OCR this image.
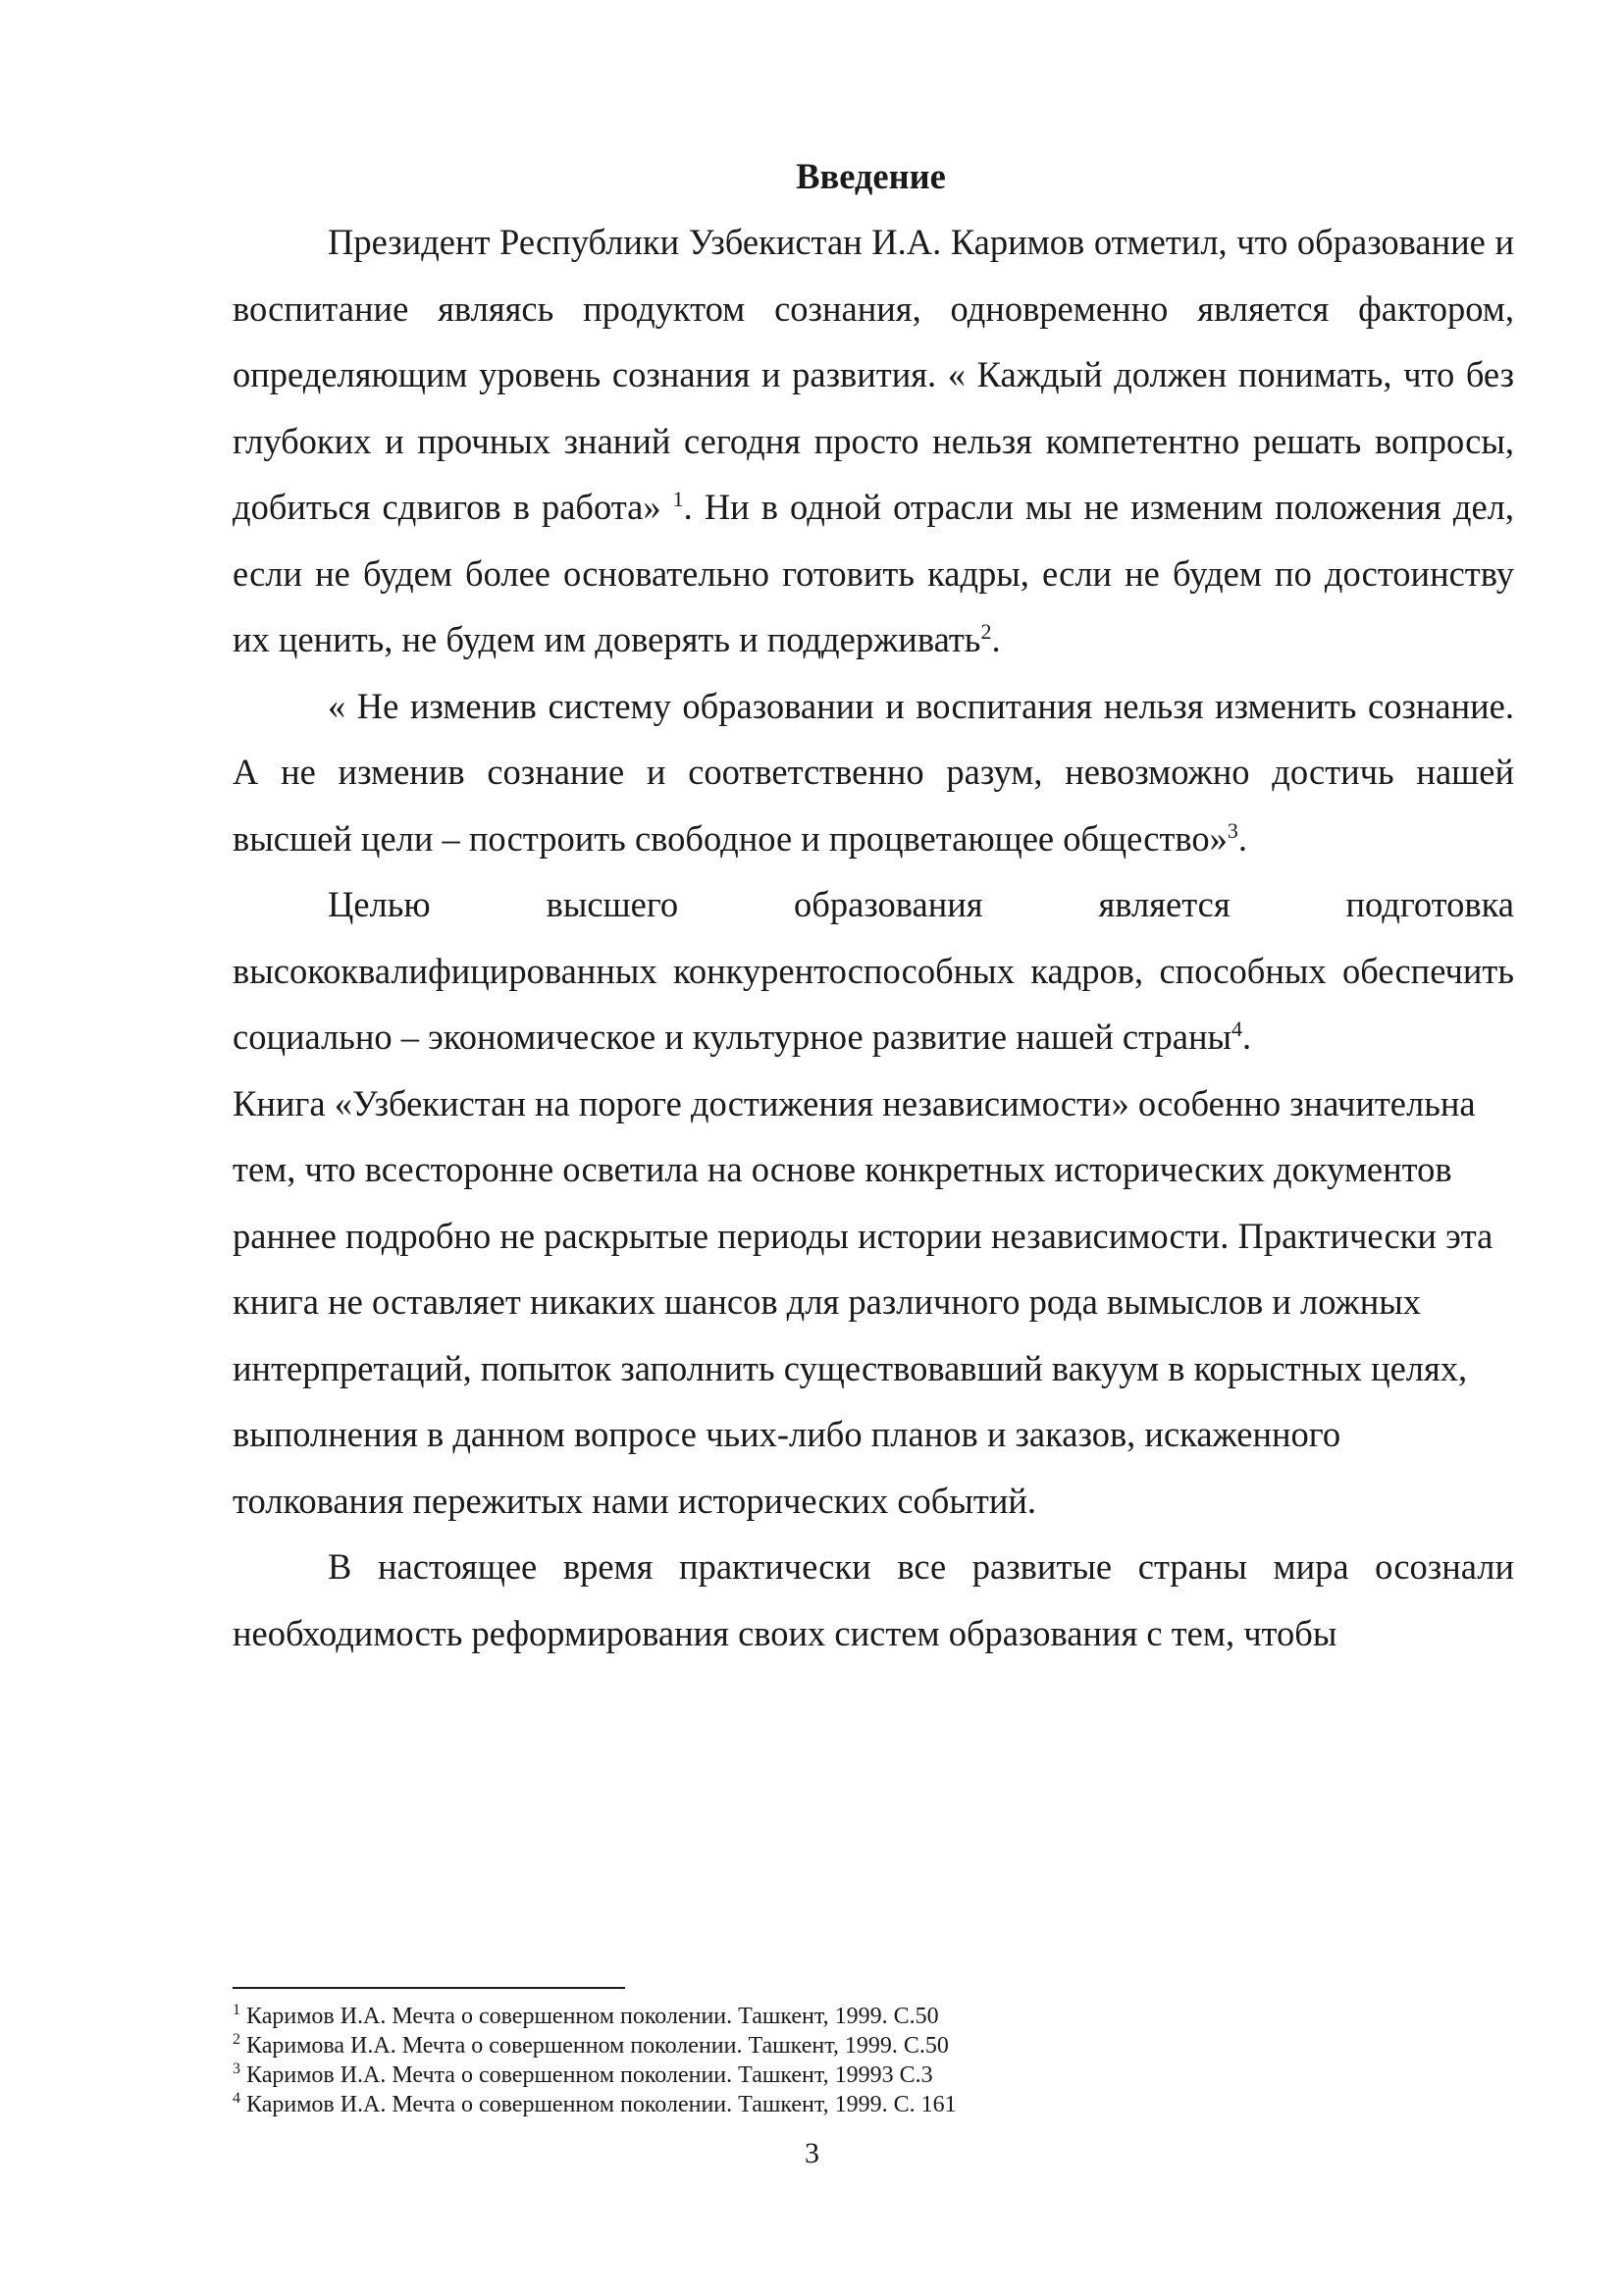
Введение

Президент Республики Узбекистан И.А. Каримов отметил, что образование и воспитание являясь продуктом сознания, одновременно является фактором, определяющим уровень сознания и развития. « Каждый должен понимать, что без глубоких и прочных знаний сегодня просто нельзя компетентно решать вопросы, добиться сдвигов в работа» $^1$. Ни в одной отрасли мы не изменим положения дел, если не будем более основательно готовить кадры, если не будем по достоинству их ценить, не будем им доверять и поддерживать$^2$.

« Не изменив систему образовании и воспитания нельзя изменить сознание. А не изменив сознание и соответственно разум, невозможно достичь нашей высшей цели – построить свободное и процветающее общество»$^3$.

Целью высшего образования является подготовка высококвалифицированных конкурентоспособных кадров, способных обеспечить социально – экономическое и культурное развитие нашей страны$^4$.

Книга «Узбекистан на пороге достижения независимости» особенно значительна тем, что всесторонне осветила на основе конкретных исторических документов раннее подробно не раскрытые периоды истории независимости. Практически эта книга не оставляет никаких шансов для различного рода вымыслов и ложных интерпретаций, попыток заполнить существовавший вакуум в корыстных целях, выполнения в данном вопросе чьих-либо планов и заказов, искаженного толкования пережитых нами исторических событий.

В настоящее время практически все развитые страны мира осознали необходимость реформирования своих систем образования с тем, чтобы

$^1$ Каримов И.А. Мечта о совершенном поколении. Ташкент, 1999. С.50

$^2$ Каримова И.А. Мечта о совершенном поколении. Ташкент, 1999. С.50

$^3$ Каримов И.А. Мечта о совершенном поколении. Ташкент, 19993 С.3

$^4$ Каримов И.А. Мечта о совершенном поколении. Ташкент, 1999. С. 161

3
